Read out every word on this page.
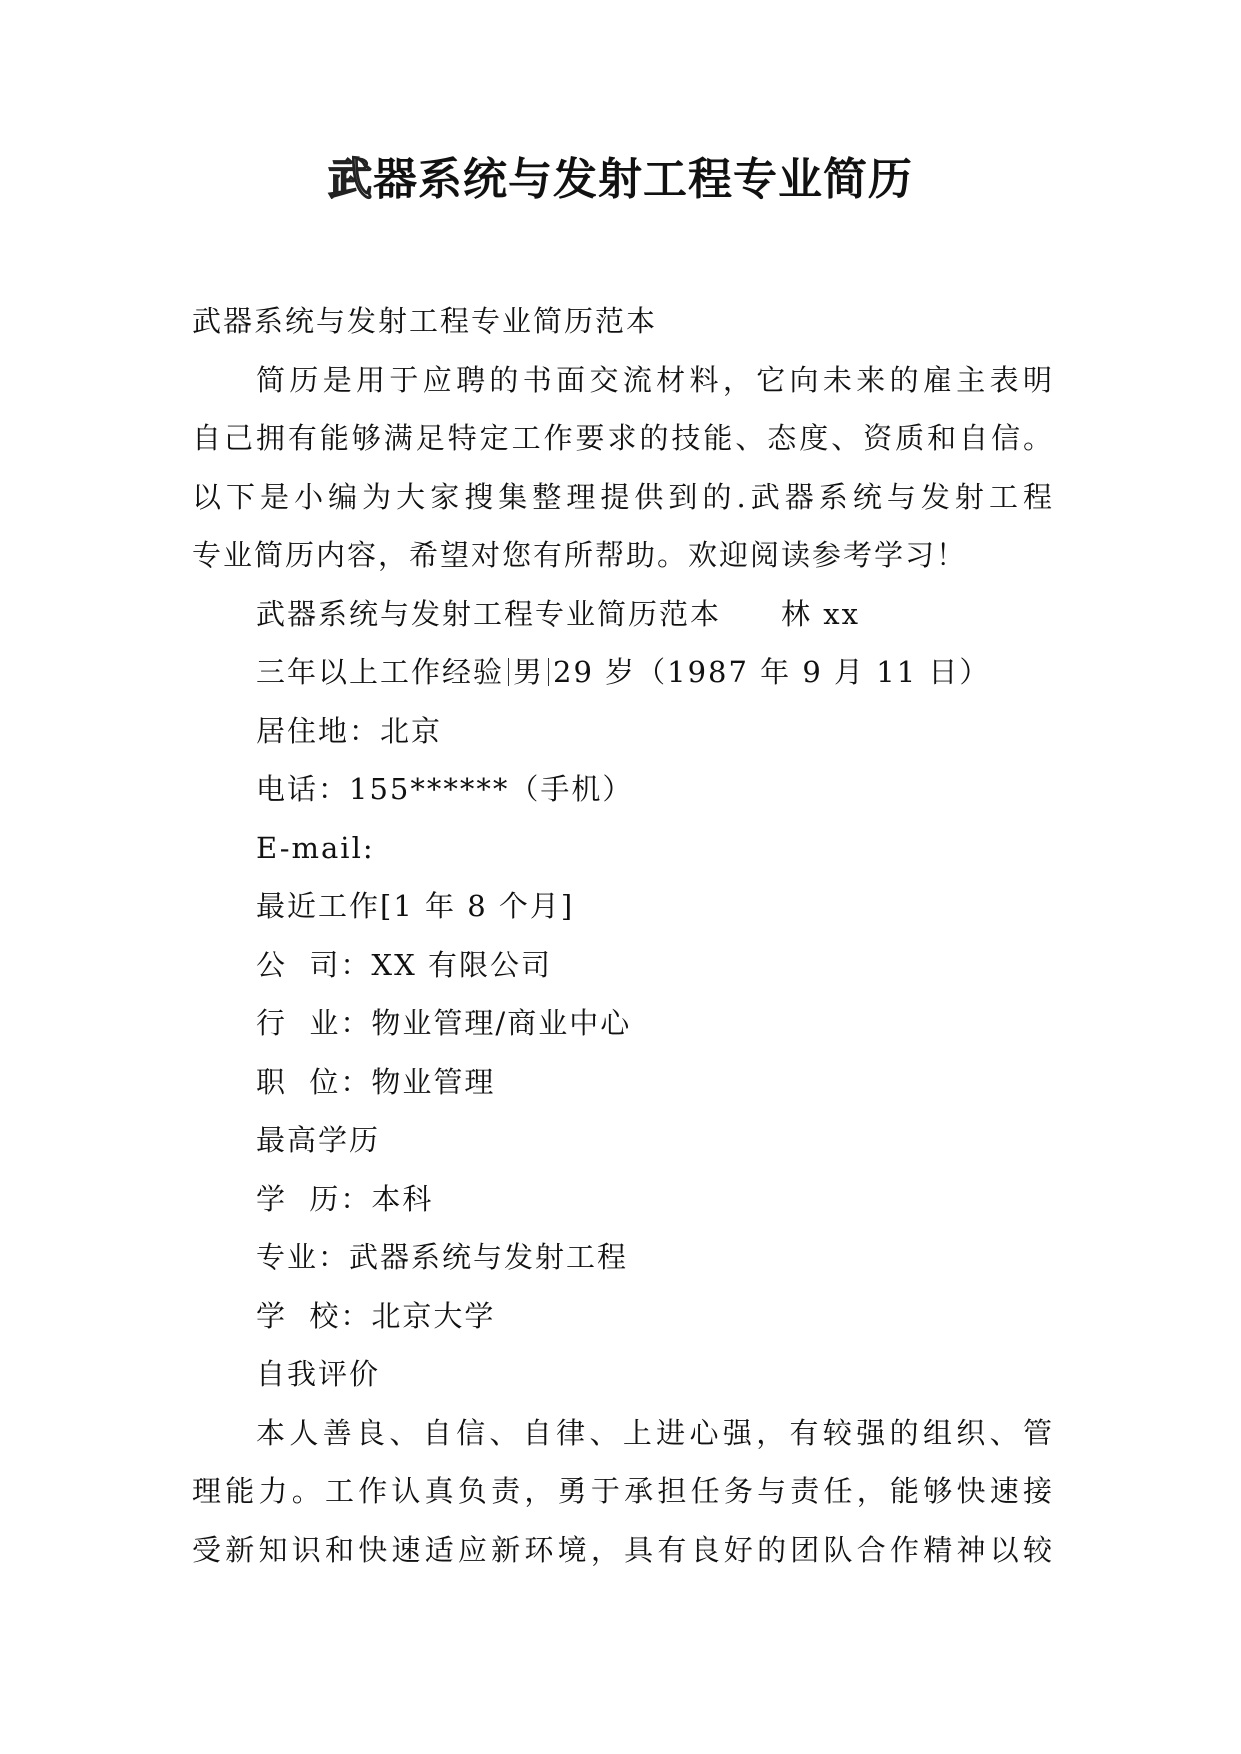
武器系统与发射工程专业简历
武器系统与发射工程专业简历范本
简历是用于应聘的书面交流材料，它向未来的雇主表明
自己拥有能够满足特定工作要求的技能、态度、资质和自信。
以下是小编为大家搜集整理提供到的.武器系统与发射工程
专业简历内容，希望对您有所帮助。欢迎阅读参考学习！
武器系统与发射工程专业简历范本 林 xx
三年以上工作经验 男 29 岁（1987 年 9 月 11 日）
居住地：北京
电话：155******（手机）
E-mail:
最近工作[1 年 8 个月]
公  司：XX 有限公司
行  业：物业管理/商业中心
职  位：物业管理
最高学历
学  历：本科
专业：武器系统与发射工程
学  校：北京大学
自我评价
本人善良、自信、自律、上进心强，有较强的组织、管
理能力。工作认真负责，勇于承担任务与责任，能够快速接
受新知识和快速适应新环境，具有良好的团队合作精神以较
